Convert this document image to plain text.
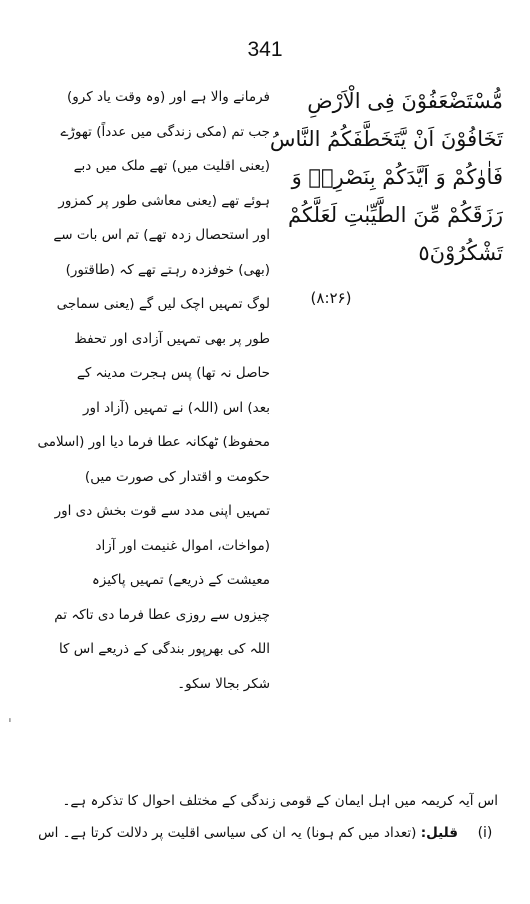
341
مُّسْتَضْعَفُوْنَ فِى الْاَرْضِ
تَخَافُوْنَ اَنْ يَّتَخَطَّفَكُمُ النَّاسُ
فَاٰوٰكُمْ وَ اَيَّدَكُمْ بِنَصْرِهٖ وَ
رَزَقَكُمْ مِّنَ الطَّيِّبٰتِ لَعَلَّكُمْ
تَشْكُرُوْنَ٥
(۸:۲۶)
فرمانے والا ہے اور (وہ وقت یاد کرو)
جب تم (مکی زندگی میں عدداً) تھوڑے
(یعنی اقلیت میں) تھے ملک میں دبے
ہوئے تھے (یعنی معاشی طور پر کمزور
اور استحصال زدہ تھے) تم اس بات سے
(بھی) خوفزدہ رہتے تھے کہ (طاقتور)
لوگ تمہیں اچک لیں گے (یعنی سماجی
طور پر بھی تمہیں آزادی اور تحفظ
حاصل نہ تھا) پس ہجرت مدینہ کے
بعد) اس (اللہ) نے تمہیں (آزاد اور
محفوظ) ٹھکانہ عطا فرما دیا اور (اسلامی
حکومت و اقتدار کی صورت میں)
تمہیں اپنی مدد سے قوت بخش دی اور
(مواخات، اموال غنیمت اور آزاد
معیشت کے ذریعے) تمہیں پاکیزہ
چیزوں سے روزی عطا فرما دی تاکہ تم
اللہ کی بھرپور بندگی کے ذریعے اس کا
شکر بجالا سکو۔
ˌ
اس آیہ کریمہ میں اہل ایمان کے قومی زندگی کے مختلف احوال کا تذکرہ ہے۔
(i)
قلیل: (تعداد میں کم ہونا) یہ ان کی سیاسی اقلیت پر دلالت کرتا ہے۔ اس
